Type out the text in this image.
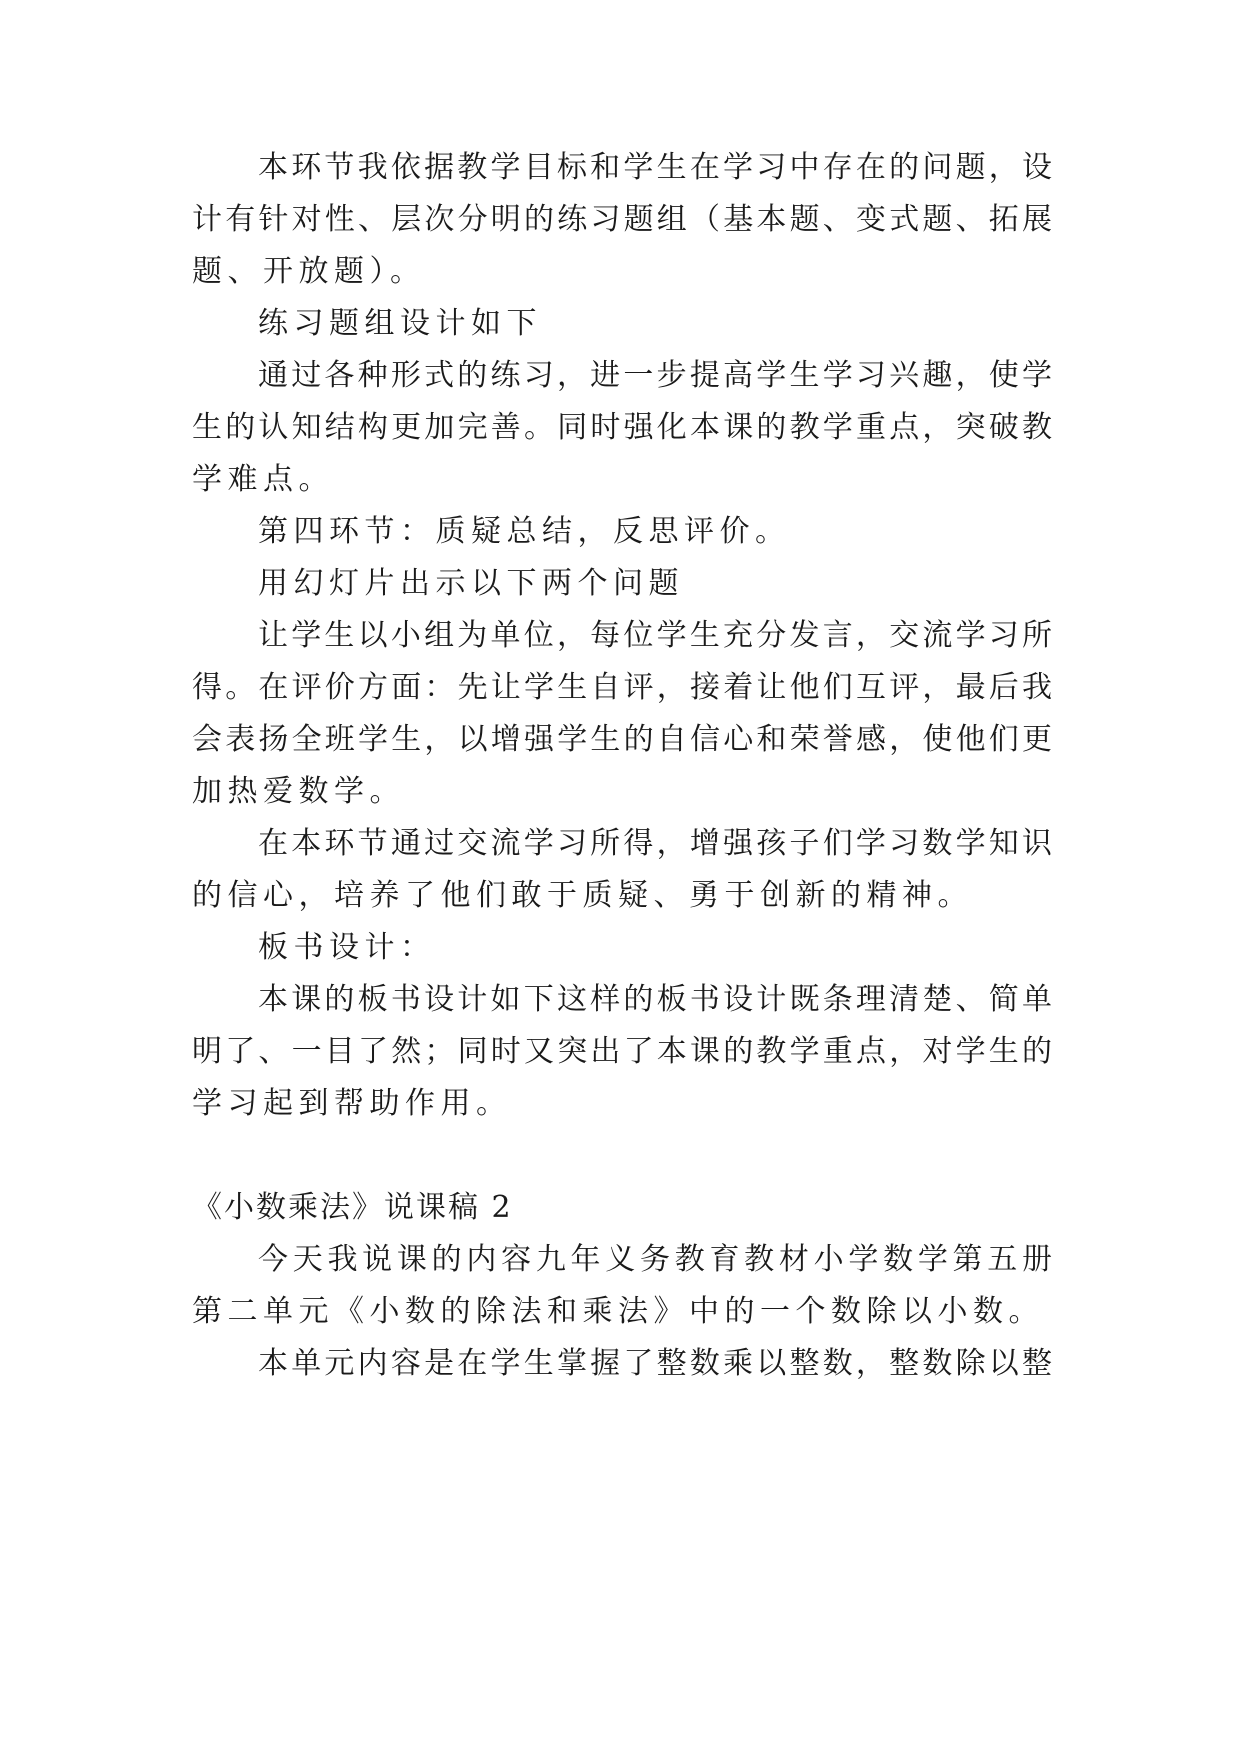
本环节我依据教学目标和学生在学习中存在的问题，设
计有针对性、层次分明的练习题组（基本题、变式题、拓展
题、开放题）。
练习题组设计如下
通过各种形式的练习，进一步提高学生学习兴趣，使学
生的认知结构更加完善。同时强化本课的教学重点，突破教
学难点。
第四环节：质疑总结，反思评价。
用幻灯片出示以下两个问题
让学生以小组为单位，每位学生充分发言，交流学习所
得。在评价方面：先让学生自评，接着让他们互评，最后我
会表扬全班学生，以增强学生的自信心和荣誉感，使他们更
加热爱数学。
在本环节通过交流学习所得，增强孩子们学习数学知识
的信心，培养了他们敢于质疑、勇于创新的精神。
板书设计：
本课的板书设计如下这样的板书设计既条理清楚、简单
明了、一目了然；同时又突出了本课的教学重点，对学生的
学习起到帮助作用。
《小数乘法》说课稿 2
今天我说课的内容九年义务教育教材小学数学第五册
第二单元《小数的除法和乘法》中的一个数除以小数。
本单元内容是在学生掌握了整数乘以整数，整数除以整
